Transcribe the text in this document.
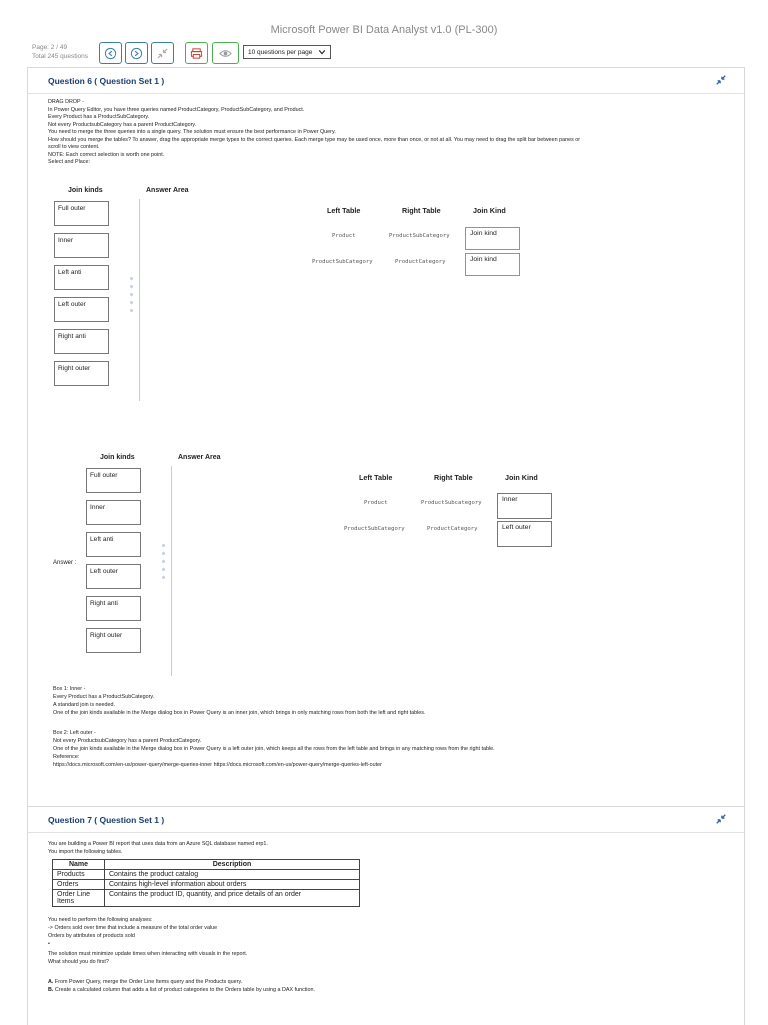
Microsoft Power BI Data Analyst v1.0 (PL-300)
Page: 2 / 49
Total 245 questions
10 questions per page
Question 6 ( Question Set 1 )
DRAG DROP -
In Power Query Editor, you have three queries named ProductCategory, ProductSubCategory, and Product.
Every Product has a ProductSubCategory.
Not every ProductsubCategory has a parent ProductCategory.
You need to merge the three queries into a single query. The solution must ensure the best performance in Power Query.
How should you merge the tables? To answer, drag the appropriate merge types to the correct queries. Each merge type may be used once, more than once, or not at all. You may need to drag the split bar between panes or
scroll to view content.
NOTE: Each correct selection is worth one point.
Select and Place:
Join kinds	Answer Area
Full outer
Inner
Left anti
Left outer
Right anti
Right outer
Left Table	Right Table	Join Kind
Product	ProductSubCategory	Join kind
ProductSubCategory	ProductCategory	Join kind
Answer :
Join kinds	Answer Area
Full outer
Inner
Left anti
Left outer
Right anti
Right outer
Left Table	Right Table	Join Kind
Product	ProductSubcategory	Inner
ProductSubCategory	ProductCategory	Left outer
Box 1: Inner -
Every Product has a ProductSubCategory.
A standard join is needed.
One of the join kinds available in the Merge dialog box in Power Query is an inner join, which brings in only matching rows from both the left and right tables.
Box 2: Left outer -
Not every ProductsubCategory has a parent ProductCategory.
One of the join kinds available in the Merge dialog box in Power Query is a left outer join, which keeps all the rows from the left table and brings in any matching rows from the right table.
Reference:
https://docs.microsoft.com/en-us/power-query/merge-queries-inner https://docs.microsoft.com/en-us/power-query/merge-queries-left-outer
Question 7 ( Question Set 1 )
You are building a Power BI report that uses data from an Azure SQL database named erp1.
You import the following tables.
Name	Description
Products	Contains the product catalog
Orders	Contains high-level information about orders
Order Line Items	Contains the product ID, quantity, and price details of an order
You need to perform the following analyses:
-> Orders sold over time that include a measure of the total order value
Orders by attributes of products sold
•
The solution must minimize update times when interacting with visuals in the report.
What should you do first?
A. From Power Query, merge the Order Line Items query and the Products query.
B. Create a calculated column that adds a list of product categories to the Orders table by using a DAX function.
